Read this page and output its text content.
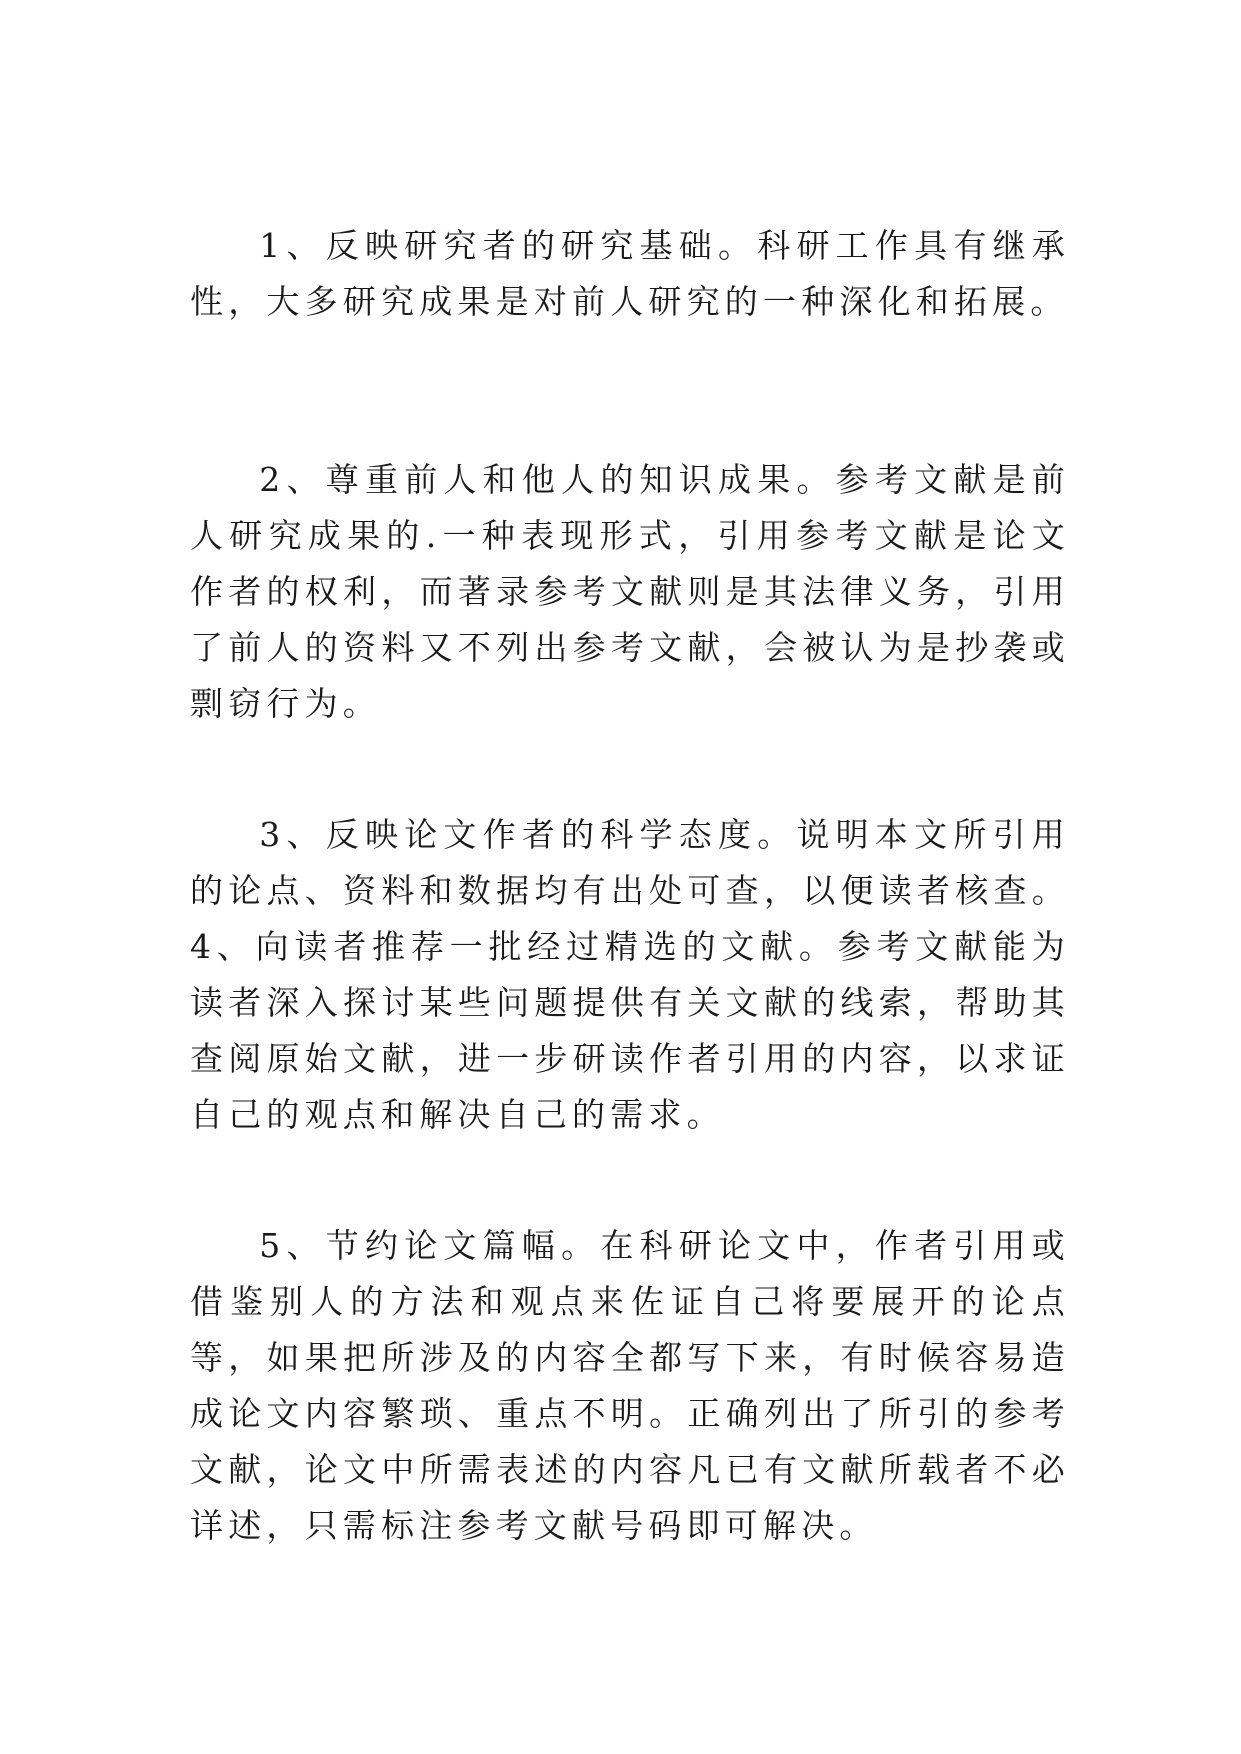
1、反映研究者的研究基础。科研工作具有继承性，大多研究成果是对前人研究的一种深化和拓展。

2、尊重前人和他人的知识成果。参考文献是前人研究成果的.一种表现形式，引用参考文献是论文作者的权利，而著录参考文献则是其法律义务，引用了前人的资料又不列出参考文献，会被认为是抄袭或剽窃行为。

3、反映论文作者的科学态度。说明本文所引用的论点、资料和数据均有出处可查，以便读者核查。 4、向读者推荐一批经过精选的文献。参考文献能为读者深入探讨某些问题提供有关文献的线索，帮助其查阅原始文献，进一步研读作者引用的内容，以求证自己的观点和解决自己的需求。

5、节约论文篇幅。在科研论文中，作者引用或借鉴别人的方法和观点来佐证自己将要展开的论点等，如果把所涉及的内容全都写下来，有时候容易造成论文内容繁琐、重点不明。正确列出了所引的参考文献，论文中所需表述的内容凡已有文献所载者不必详述，只需标注参考文献号码即可解决。
